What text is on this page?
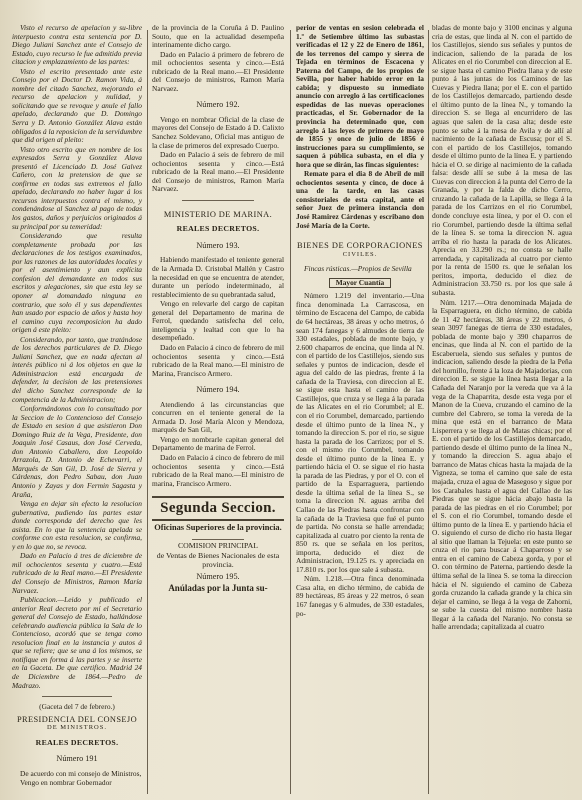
Visto el recurso de apelacion y su-libre interpuesto contra esta sentencia por D. Diego Juliani Sanchez ante el Consejo de Estado, cuyo recurso le fue admitido previa citacion y emplazamiento de las partes:

Visto el escrito presentado ante este Consejo por el Doctor D. Ramon Vida, á nombre del citado Sanchez, mejorando el recurso de apelacion y nulidad, y solicitando que se revoque y anule el fallo apelado, declarando que D. Domingo Serra y D. Antonio González Alava están obligados á la reposicion de la servidumbre que did origen al pleito:

Visto otro escrito que en nombre de los expresados Serra y González Alava presentó el Licenciado D. José Galvez Cañero, con la pretension de que se confirme en todas sus extremos el fallo apelado, declarando no haber lugar á los recursos interpuestos contra el mismo, y condenándose al Sanchez al pago de todas los gastos, daños y perjuicios originados á su principal por su temeridad:

Considerando que resulta completamente probada por las declaraciones de los testigos examinados, por las razones de las autoridades locales y por el asentimiento y aun explícita confesion del demandante en todos sus escritos y alegaciones, sin que esta ley se oponer al domandado ninguna en contrario, que solo él y sus dependientes han usado por espacio de años y hasta hoy el camino cuya recomposicion ha dado origen á este pleito:

Considerando, por tanto, que tratándose de los derechos particulares de D. Diego Juliani Sanchez, que en nada afectan al interés público ni á los objetos en que la Administracion está encargada de defender, la decision de las pretensiones del dicho Sanchez corresponde de la competencia de la Administracion;

Conformándonos con lo consultado por la Seccion de lo Contencioso del Consejo de Estado en sesion á que asistieron Don Domingo Ruiz de la Vega, Presidente, don Joaquin José Casaus, don José Cerveda, don Antonio Caballero, don Leopoldo Arrazola, D. Antonio de Echevarri, el Marqués de San Gil, D. José de Sierra y Cárdenas, don Pedro Sabau, don Juan Antonio y Zayas y don Fermin Sagasta y Araña,

Venga en dejar sin efecto la resolucion gubernativa, pudiendo las partes estar donde corresponda del derecho que les asista. En lo que la sentencia apelada se conforme con esta resolucion, se confirma, y en lo que no, se revoca.

Dado en Palacio á tres de diciembre de mil ochocientos sesenta y cuatro.—Está rubricado de la Real mano.—El Presidente del Consejo de Ministros, Ramon María Narvaez.

Publicacion.—Leido y publicado el anterior Real decreto por mí el Secretario general del Consejo de Estado, hallándose celebrando audiencia pública la Sala de lo Contencioso, acordó que se tenga como resolucion final en la instancia y autos á que se refiere; que se una á los mismos, se notifique en forma á las partes y se inserte en la Gaceta. De que certifico. Madrid 24 de Diciembre de 1864.—Pedro de Madrazo.

(Gaceta del 7 de febrero.)

PRESIDENCIA DEL CONSEJO

DE MINISTROS.

REALES DECRETOS.

Número 191

De acuerdo con mi consejo de Ministros,

Vengo en nombrar Gobernador

de la provincia de la Coruña á D. Paulino Souto, que en la actualidad desempeña interinamente dicho cargo.

Dado en Palacio á primero de febrero de mil ochocientos sesenta y cinco.—Está rubricado de la Real mano.—El Presidente del Consejo de ministros, Ramon María Narvaez.

Número 192.

Vengo en nombrar Oficial de la clase de mayores del Consejo de Estado á D. Calixto Sanchez Soldevano, Oficial mas antiguo de la clase de primeros del expresado Cuerpo.

Dado en Palacio á seis de febrero de mil ochocientos sesenta y cinco.—Está rubricado de la Real mano.—El Presidente del Consejo de ministros, Ramon María Narvaez.

MINISTERIO DE MARINA.

REALES DECRETOS.

Número 193.

Habiendo manifestado el teniente general de la Armada D. Cristobal Mallén y Castro la necesidad en que se encuentra de atender, durante un período indeterminado, al restablecimiento de su quebrantada salud,

Vengo en relevarle del cargo de capitan general del Departamento de marina de Ferrol, quedando satisfecha del celo, inteligencia y lealtad con que lo ha desempeñado.

Dado en Palacio á cinco de febrero de mil ochocientos sesenta y cinco.—Está rubricado de la Real mano.—El ministro de Marina, Francisco Armero.

Número 194.

Atendiendo á las circunstancias que concurren en el teniente general de la Armada D. José María Alcon y Mendoza, marqués de San Gil,

Vengo en nombrarle capitan general del Departamento de marina de Ferrol.

Dado en Palacio á cinco de febrero de mil ochocientos sesenta y cinco.—Está rubricado de la Real mano.—El ministro de marina, Francisco Armero.

Segunda Seccion.

Oficinas Superiores de la provincia.

COMISION PRINCIPAL

de Ventas de Bienes Nacionales de esta provincia.

Número 195.

Anúladas por la Junta su-

perior de ventas en sesion celebrada el 1.º de Setiembre último las subastas verificadas el 12 y 22 de Enero de 1861, de los terrenos del campo y sierra de Tejada en términos de Escacena y Paterna del Campo, de los propios de Sevilla, por haber habido error en la cabida; y dispuesto su inmediato anuncio con arreglo á las certificaciones espedidas de las nuevas operaciones practicadas, el Sr. Gobernador de la provincia ha determinado que, con arreglo á las leyes de primero de mayo de 1855 y once de julio de 1856 é instrucciones para su cumplimiento, se saquen á pública subasta, en el dia y hora que se dirán, las fincas siguientes:

Remate para el dia 8 de Abril de mil ochocientos sesenta y cinco, de doce á una de la tarde, en las casas consistoriales de esta capital, ante el señor Juez de primera instancia don José Ramirez Cárdenas y escribano don José María de la Corte.

BIENES DE CORPORACIONES

CIVILES.

Fincas rústicas.—Propios de Sevilla

Mayor Cuantía

Número 1.219 del inventario.—Una finca denominada La Carrascosa, en término de Escacena del Campo, de cabida de 64 hectáreas, 38 áreas y ocho metros, ó sean 174 fanegas y 6 almudes de tierra de 330 estadales, poblada de monte bajo, y 2.600 chaparros de encina, que linda al N. con el partido de los Castillejos, siendo sus señales y puntos de indicacion, desde el agua del caldo de las piedras, frente á la cañada de la Traviesa, con direccion al E. se sigue esta hasta el camino de las Castillejos, que cruza y se llega á la parada de las Alicates en el rio Corumbel; al E. con el rio Corumbel, demarcado, partiendo desde el último punto de la línea N., y tomando la direccion S. por el rio, se sigue hasta la parada de los Carrizos; por el S. con el mismo rio Corumbel, tomando desde el último punto de la línea E. y partiendo hácia el O. se sigue el rio hasta la parada de las Piedras, y por el O. con el partido de la Esparraguera, partiendo desde la última señal de la línea S., se toma la direccion N. aguas arriba del Callao de las Piedras hasta confrontar con la cañada de la Traviesa que fué el punto de partida. No consta se halle arrendada; capitalizada al cuatro por ciento la renta de 850 rs. que se señala en los peritos, importa, deducido el diez de Administracion, 19.125 rs. y apreciada en 17.810 rs. por los que sale á subasta.

Núm. 1.218.—Otra finca denominada Casa alta, en dicho término, de cabida de 89 hectáreas, 85 áreas y 22 metros, ó sean 167 fanegas y 6 almudes, de 330 estadales, po-

bladas de monte bajo y 3100 encinas y alguna cria de estas, que linda al N. con el partido de los Castillejos, siendo sus señales y puntos de indicacion, saliendo de la parada de los Alicates en el rio Corumbel con direccion al E. se sigue hasta el camino Piedra llana y de este punto á las juntas de los Caminos de las Cuevas y Piedra llana; por el E. con el partido de los Castillejos demarcado, partiendo desde el último punto de la línea N., y tomando la direccion S. se llega al encurridero de las aguas que salen de la casa alta; desde este punto se sube á la mesa de Avila y de allí al nacimiento de la cañada de Escusa; por el S. con el partido de los Castillejos, tomando desde el último punto de la línea E. y partiendo hácia el O. se dirige al nacimiento de la cañada falsa: desde allí se sube á la mesa de las Cuevas con direccion á la punta del Cerro de la Granada, y por la falda de dicho Cerro, cruzando la cañada de la Lapilla, se llega á la parada de los Carrizos en el rio Corumbel, donde concluye esta línea, y por el O. con el rio Corumbel, partiendo desde la última señal de la línea S. se toma la direccion N. agua arriba el rio hasta la parada de los Alicates. Aprecia en 33.290 rs.; no consta se halle arrendada, y capitalizada al cuatro por ciento por la renta de 1500 rs. que le señalan los peritos, importa, deducido el diez de Administracion 33.750 rs. por los que sale á subasta.

Núm. 1217.—Otra denominada Majada de la Esparraguera, en dicho término, de cabida de 11 42 hectáreas, 38 áreas y 22 metros, ó sean 3097 fanegas de tierra de 330 estadales, poblada de monte bajo y 390 chaparros de encinas, que linda al N. con el partido de la Escaberuela, siendo sus señales y puntos de indicacion, saliendo desde la piedra de la Peña del hornillo, frente á la loza de Majadorias, con direccion E. se sigue la línea hasta llegar a la Cañada del Naranjo por la vereda que va á la vega de la Chaparrita, desde esta vega por el Manon de la Cueva, cruzando el camino de la cumbre del Cabrero, se toma la vereda de la mina que está en el barranco de Mata Lisperrera y se llega al de Matas chicas; por el E. con el partido de los Castillejos demarcado, partiendo desde el último punto de la línea N., y tomando la direccion S. agua abajo el barranco de Matas chicas hasta la majada de la Vigneza, se toma el camino que sale de esta majada, cruza el agua de Masegoso y sigue por los Carabales hasta el agua del Callao de las Piedras que se sigue hácia abajo hasta la parada de las piedras en el rio Corumbel; por el S. con el rio Corumbel, tomando desde el último punto de la línea E. y partiendo hácia el O. siguiendo el curso de dicho rio hasta llegar al sitio que llaman la Tejuela: en este punto se cruza el rio para buscar á Chaparroso y se entra en el camino de Cabeza gorda, y por el O. con término de Paterna, partiendo desde la última señal de la línea S. se toma la direccion hácia el N. siguiendo el camino de Cabeza gorda cruzando la cañada grande y la chica sin dejar el camino, se llega á la vega de Zahorni, se sube la cuesta del mismo nombre hasta llegar á la cañada del Naranjo. No consta se halle arrendada; capitalizada al cuatro
